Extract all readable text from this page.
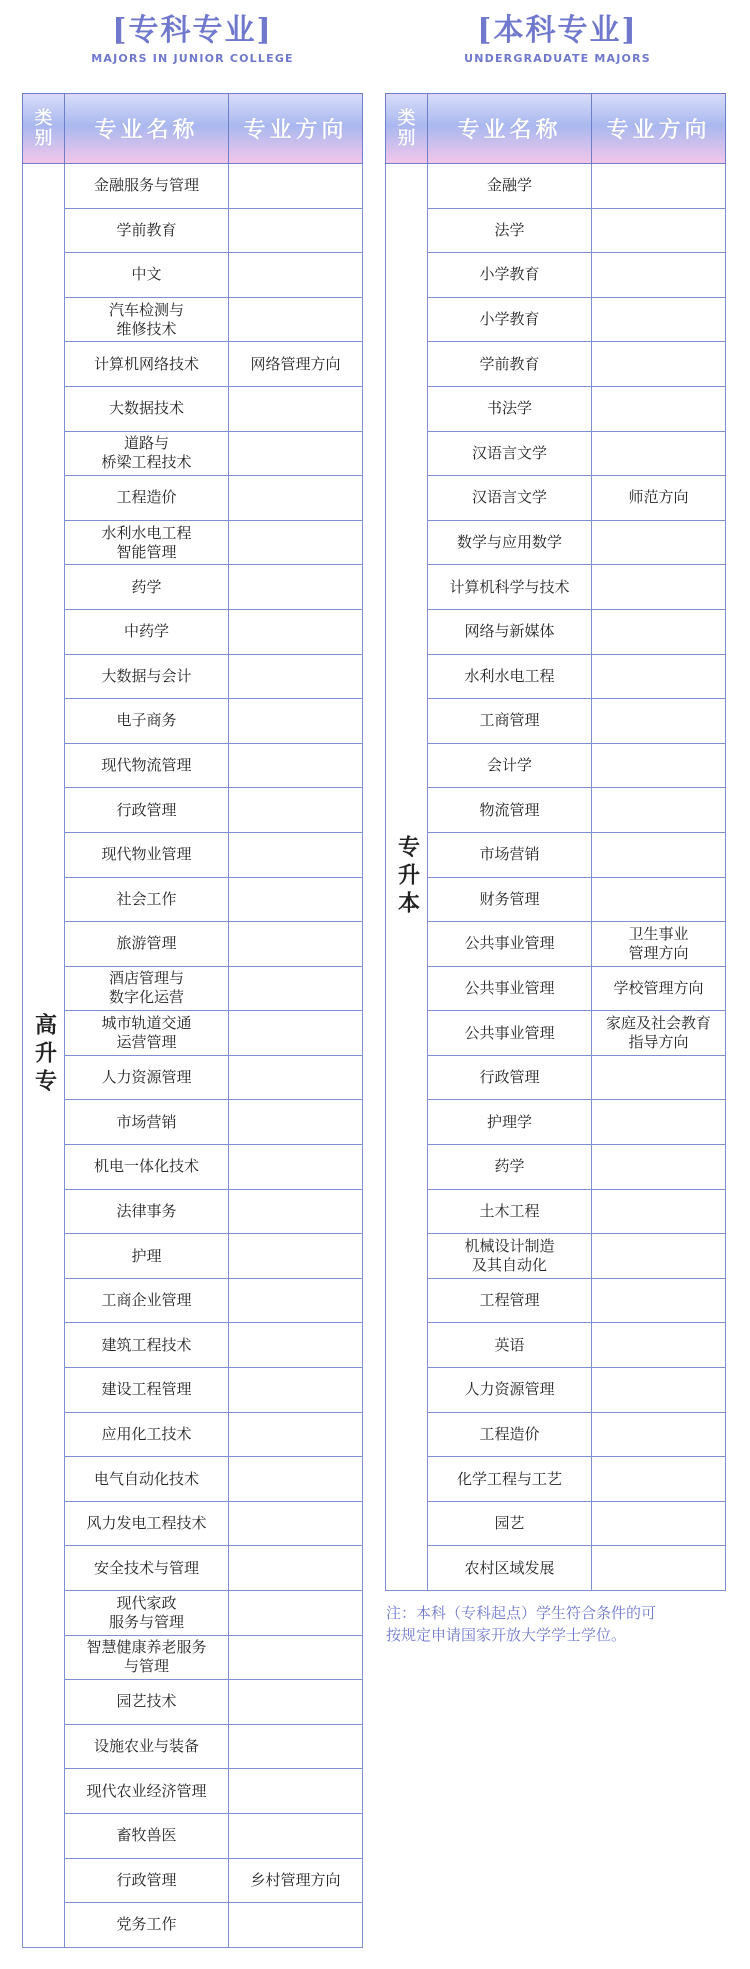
[专科专业]
MAJORS IN JUNIOR COLLEGE
[本科专业]
UNDERGRADUATE MAJORS
类别	专业名称	专业方向
高升专	金融服务与管理	
	学前教育	
	中文	
	汽车检测与
维修技术	
	计算机网络技术	网络管理方向
	大数据技术	
	道路与
桥梁工程技术	
	工程造价	
	水利水电工程
智能管理	
	药学	
	中药学	
	大数据与会计	
	电子商务	
	现代物流管理	
	行政管理	
	现代物业管理	
	社会工作	
	旅游管理	
	酒店管理与
数字化运营	
	城市轨道交通
运营管理	
	人力资源管理	
	市场营销	
	机电一体化技术	
	法律事务	
	护理	
	工商企业管理	
	建筑工程技术	
	建设工程管理	
	应用化工技术	
	电气自动化技术	
	风力发电工程技术	
	安全技术与管理	
	现代家政
服务与管理	
	智慧健康养老服务
与管理	
	园艺技术	
	设施农业与装备	
	现代农业经济管理	
	畜牧兽医	
	行政管理	乡村管理方向
	党务工作	
类别	专业名称	专业方向
专升本	金融学	
	法学	
	小学教育	
	小学教育	
	学前教育	
	书法学	
	汉语言文学	
	汉语言文学	师范方向
	数学与应用数学	
	计算机科学与技术	
	网络与新媒体	
	水利水电工程	
	工商管理	
	会计学	
	物流管理	
	市场营销	
	财务管理	
	公共事业管理	卫生事业
管理方向
	公共事业管理	学校管理方向
	公共事业管理	家庭及社会教育
指导方向
	行政管理	
	护理学	
	药学	
	土木工程	
	机械设计制造
及其自动化	
	工程管理	
	英语	
	人力资源管理	
	工程造价	
	化学工程与工艺	
	园艺	
	农村区域发展	
注：本科（专科起点）学生符合条件的可
按规定申请国家开放大学学士学位。
